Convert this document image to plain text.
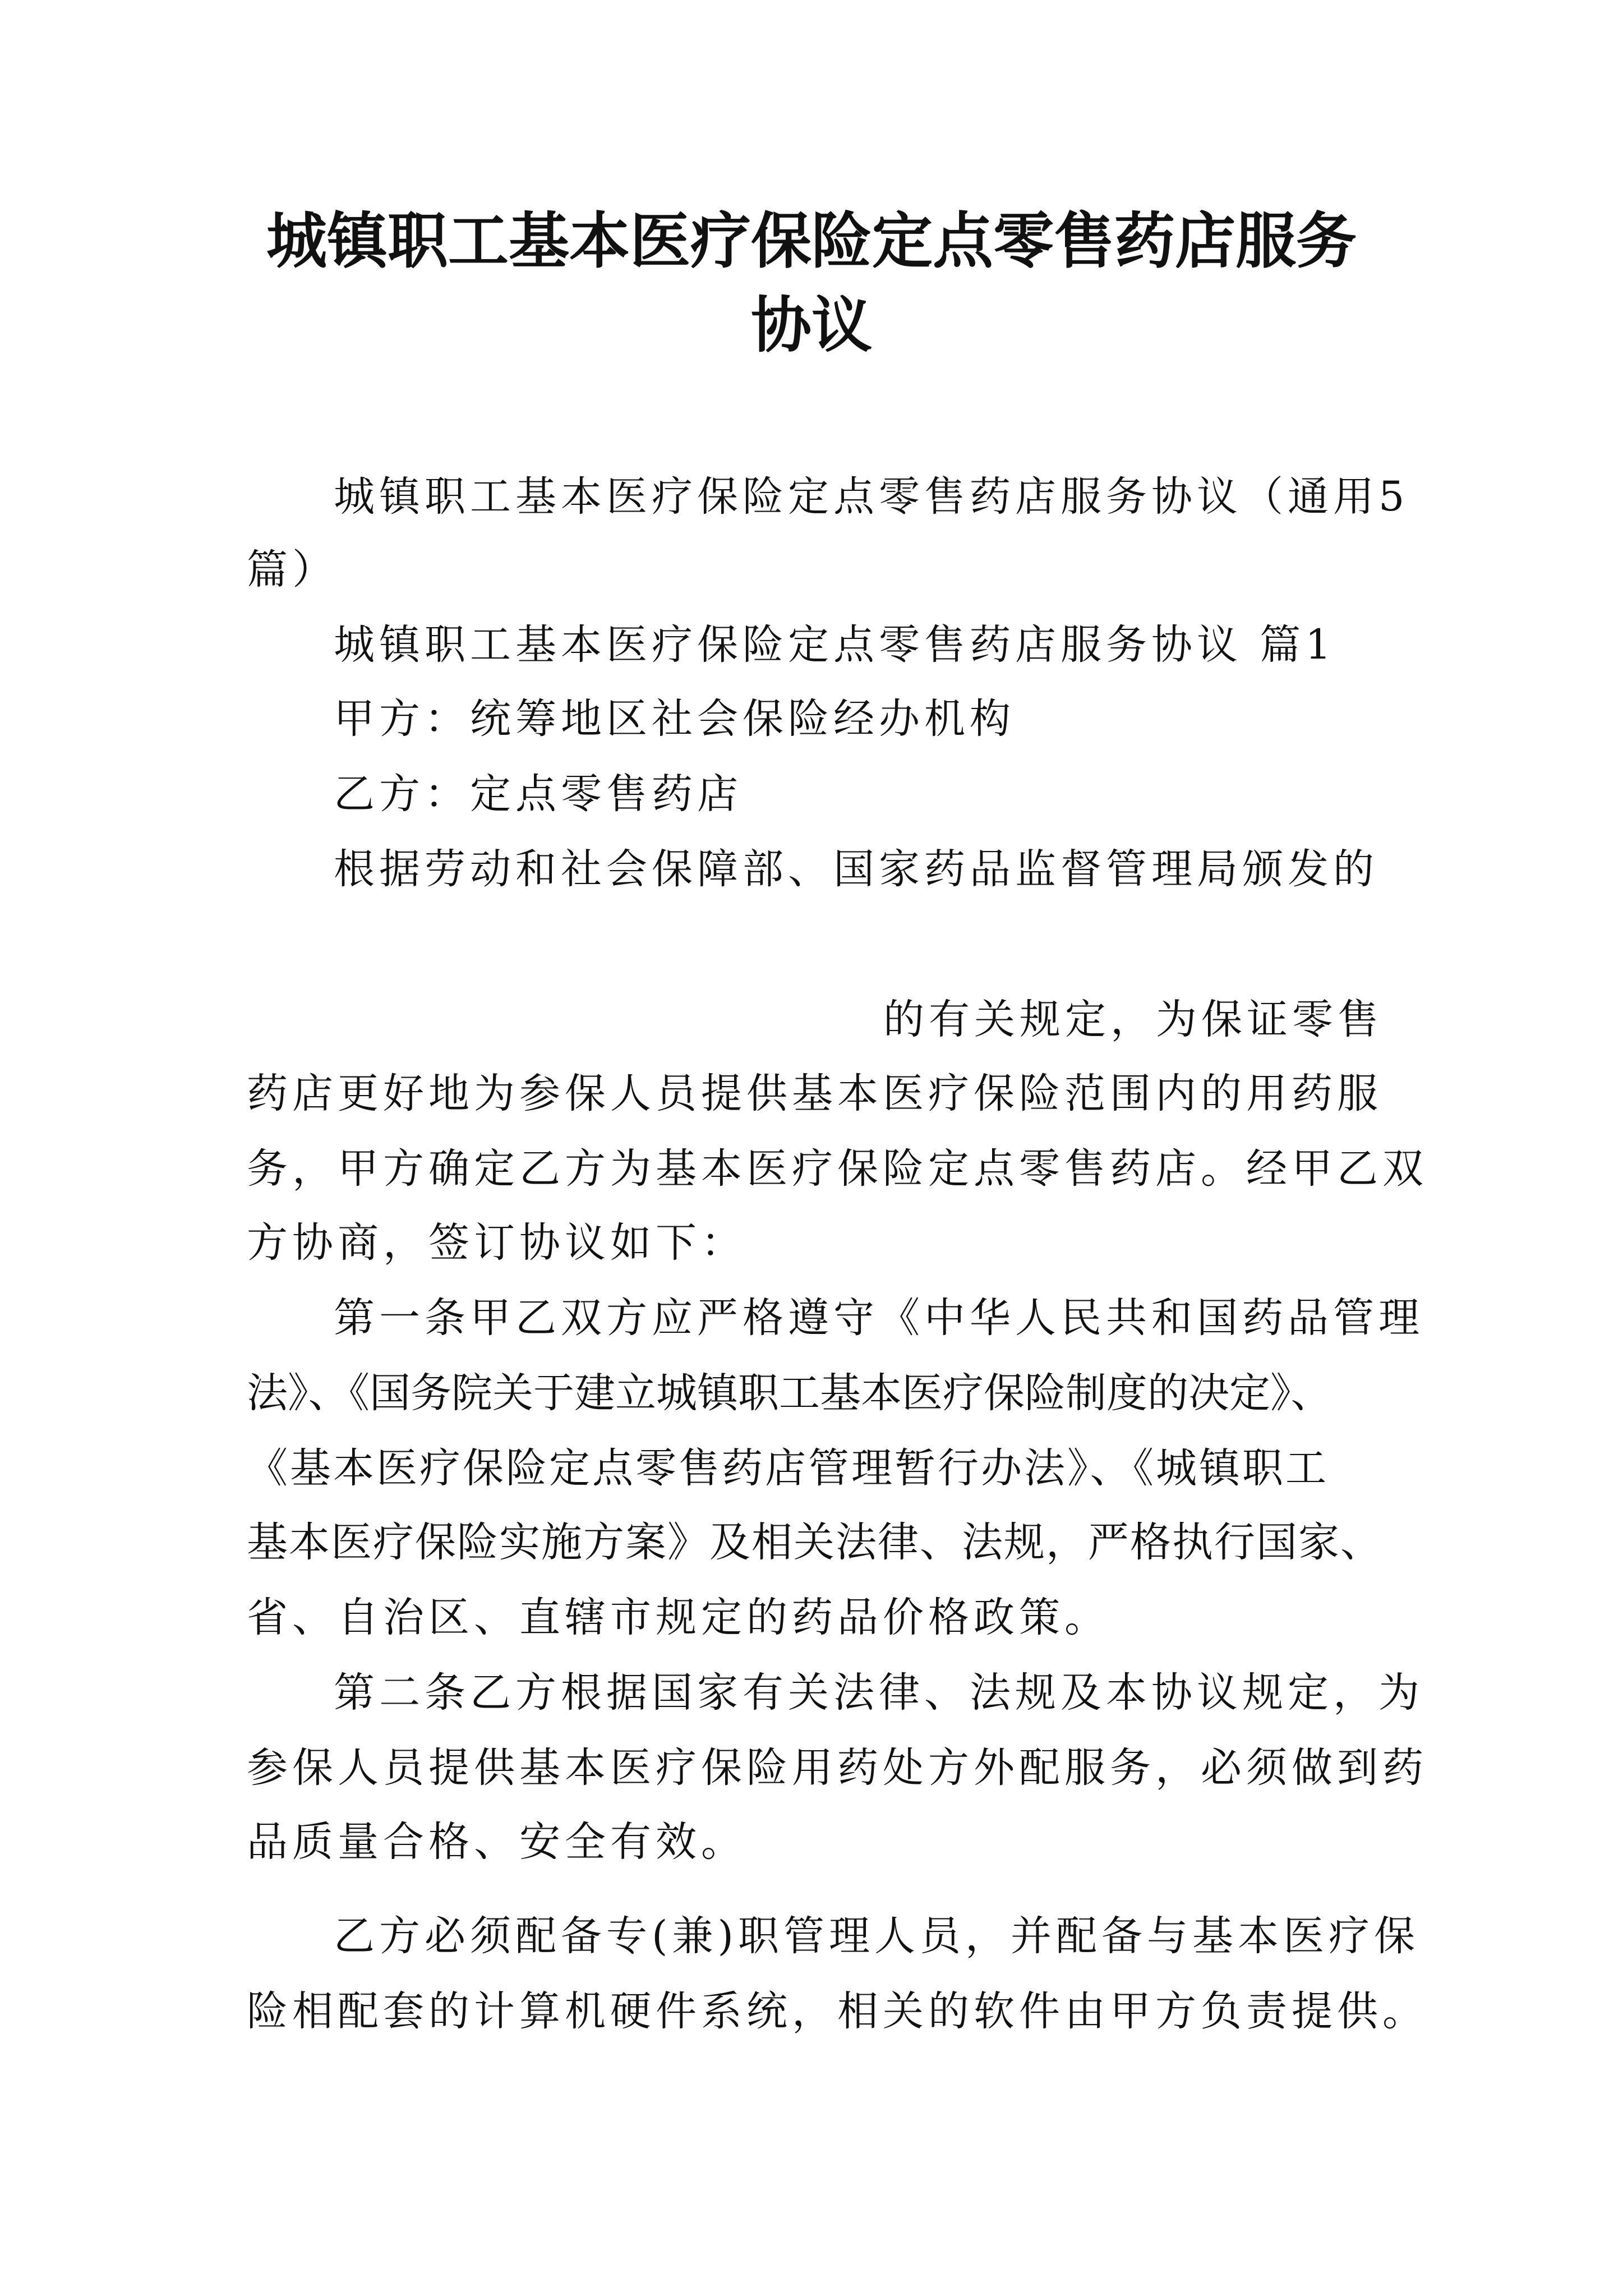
城镇职工基本医疗保险定点零售药店服务
协议
城镇职工基本医疗保险定点零售药店服务协议（通用5
篇）
城镇职工基本医疗保险定点零售药店服务协议 篇1
甲方：统筹地区社会保险经办机构
乙方：定点零售药店
根据劳动和社会保障部、国家药品监督管理局颁发的
的有关规定，为保证零售
药店更好地为参保人员提供基本医疗保险范围内的用药服
务，甲方确定乙方为基本医疗保险定点零售药店。经甲乙双
方协商，签订协议如下：
第一条甲乙双方应严格遵守《中华人民共和国药品管理
法》、《国务院关于建立城镇职工基本医疗保险制度的决定》、
《基本医疗保险定点零售药店管理暂行办法》、《城镇职工
基本医疗保险实施方案》及相关法律、法规，严格执行国家、
省、自治区、直辖市规定的药品价格政策。
第二条乙方根据国家有关法律、法规及本协议规定，为
参保人员提供基本医疗保险用药处方外配服务，必须做到药
品质量合格、安全有效。
乙方必须配备专(兼)职管理人员，并配备与基本医疗保
险相配套的计算机硬件系统，相关的软件由甲方负责提供。
